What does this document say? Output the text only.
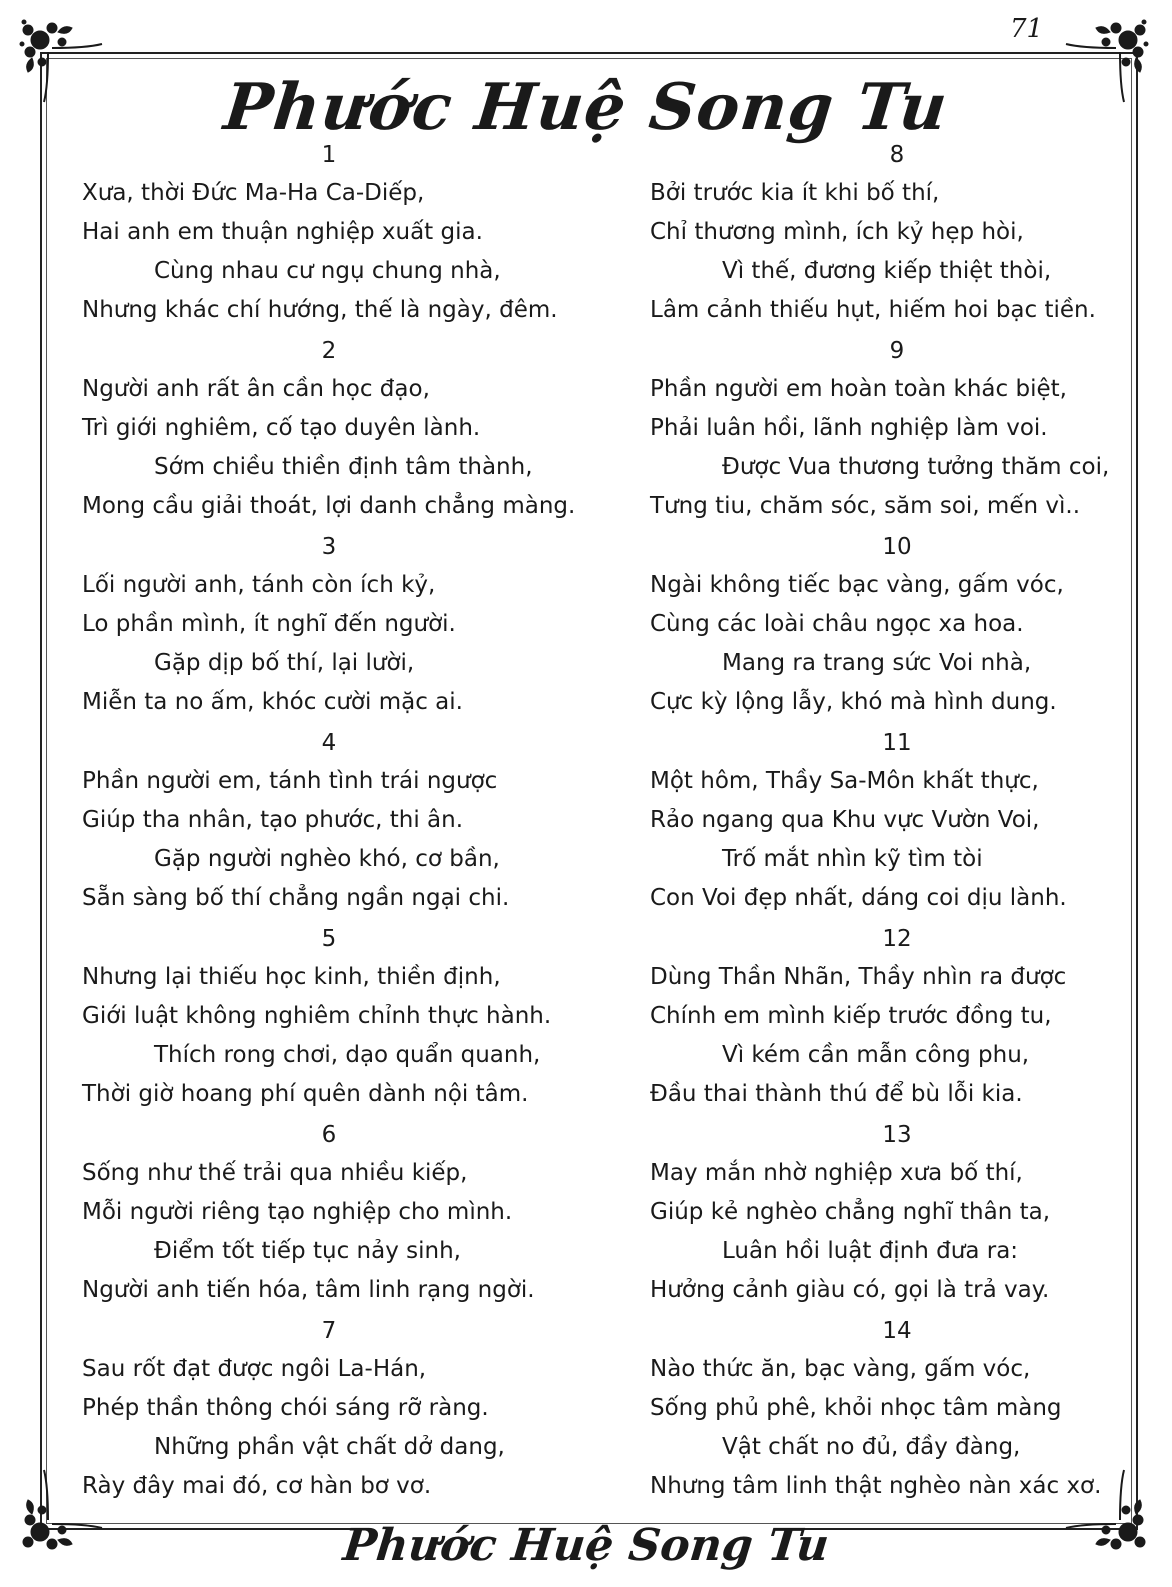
71
Phước Huệ Song Tu
1
Xưa, thời Đức Ma-Ha Ca-Diếp,
Hai anh em thuận nghiệp xuất gia.
Cùng nhau cư ngụ chung nhà,
Nhưng khác chí hướng, thế là ngày, đêm.
2
Người anh rất ân cần học đạo,
Trì giới nghiêm, cố tạo duyên lành.
Sớm chiều thiền định tâm thành,
Mong cầu giải thoát, lợi danh chẳng màng.
3
Lối người anh, tánh còn ích kỷ,
Lo phần mình, ít nghĩ đến người.
Gặp dịp bố thí, lại lười,
Miễn ta no ấm, khóc cười mặc ai.
4
Phần người em, tánh tình trái ngược
Giúp tha nhân, tạo phước, thi ân.
Gặp người nghèo khó, cơ bần,
Sẵn sàng bố thí chẳng ngần ngại chi.
5
Nhưng lại thiếu học kinh, thiền định,
Giới luật không nghiêm chỉnh thực hành.
Thích rong chơi, dạo quẩn quanh,
Thời giờ hoang phí quên dành nội tâm.
6
Sống như thế trải qua nhiều kiếp,
Mỗi người riêng tạo nghiệp cho mình.
Điểm tốt tiếp tục nảy sinh,
Người anh tiến hóa, tâm linh rạng ngời.
7
Sau rốt đạt được ngôi La-Hán,
Phép thần thông chói sáng rỡ ràng.
Những phần vật chất dở dang,
Rày đây mai đó, cơ hàn bơ vơ.
8
Bởi trước kia ít khi bố thí,
Chỉ thương mình, ích kỷ hẹp hòi,
Vì thế, đương kiếp thiệt thòi,
Lâm cảnh thiếu hụt, hiếm hoi bạc tiền.
9
Phần người em hoàn toàn khác biệt,
Phải luân hồi, lãnh nghiệp làm voi.
Được Vua thương tưởng thăm coi,
Tưng tiu, chăm sóc, săm soi, mến vì..
10
Ngài không tiếc bạc vàng, gấm vóc,
Cùng các loài châu ngọc xa hoa.
Mang ra trang sức Voi nhà,
Cực kỳ lộng lẫy, khó mà hình dung.
11
Một hôm, Thầy Sa-Môn khất thực,
Rảo ngang qua Khu vực Vườn Voi,
Trố mắt nhìn kỹ tìm tòi
Con Voi đẹp nhất, dáng coi dịu lành.
12
Dùng Thần Nhãn, Thầy nhìn ra được
Chính em mình kiếp trước đồng tu,
Vì kém cần mẫn công phu,
Đầu thai thành thú để bù lỗi kia.
13
May mắn nhờ nghiệp xưa bố thí,
Giúp kẻ nghèo chẳng nghĩ thân ta,
Luân hồi luật định đưa ra:
Hưởng cảnh giàu có, gọi là trả vay.
14
Nào thức ăn, bạc vàng, gấm vóc,
Sống phủ phê, khỏi nhọc tâm màng
Vật chất no đủ, đầy đàng,
Nhưng tâm linh thật nghèo nàn xác xơ.
Phước Huệ Song Tu
